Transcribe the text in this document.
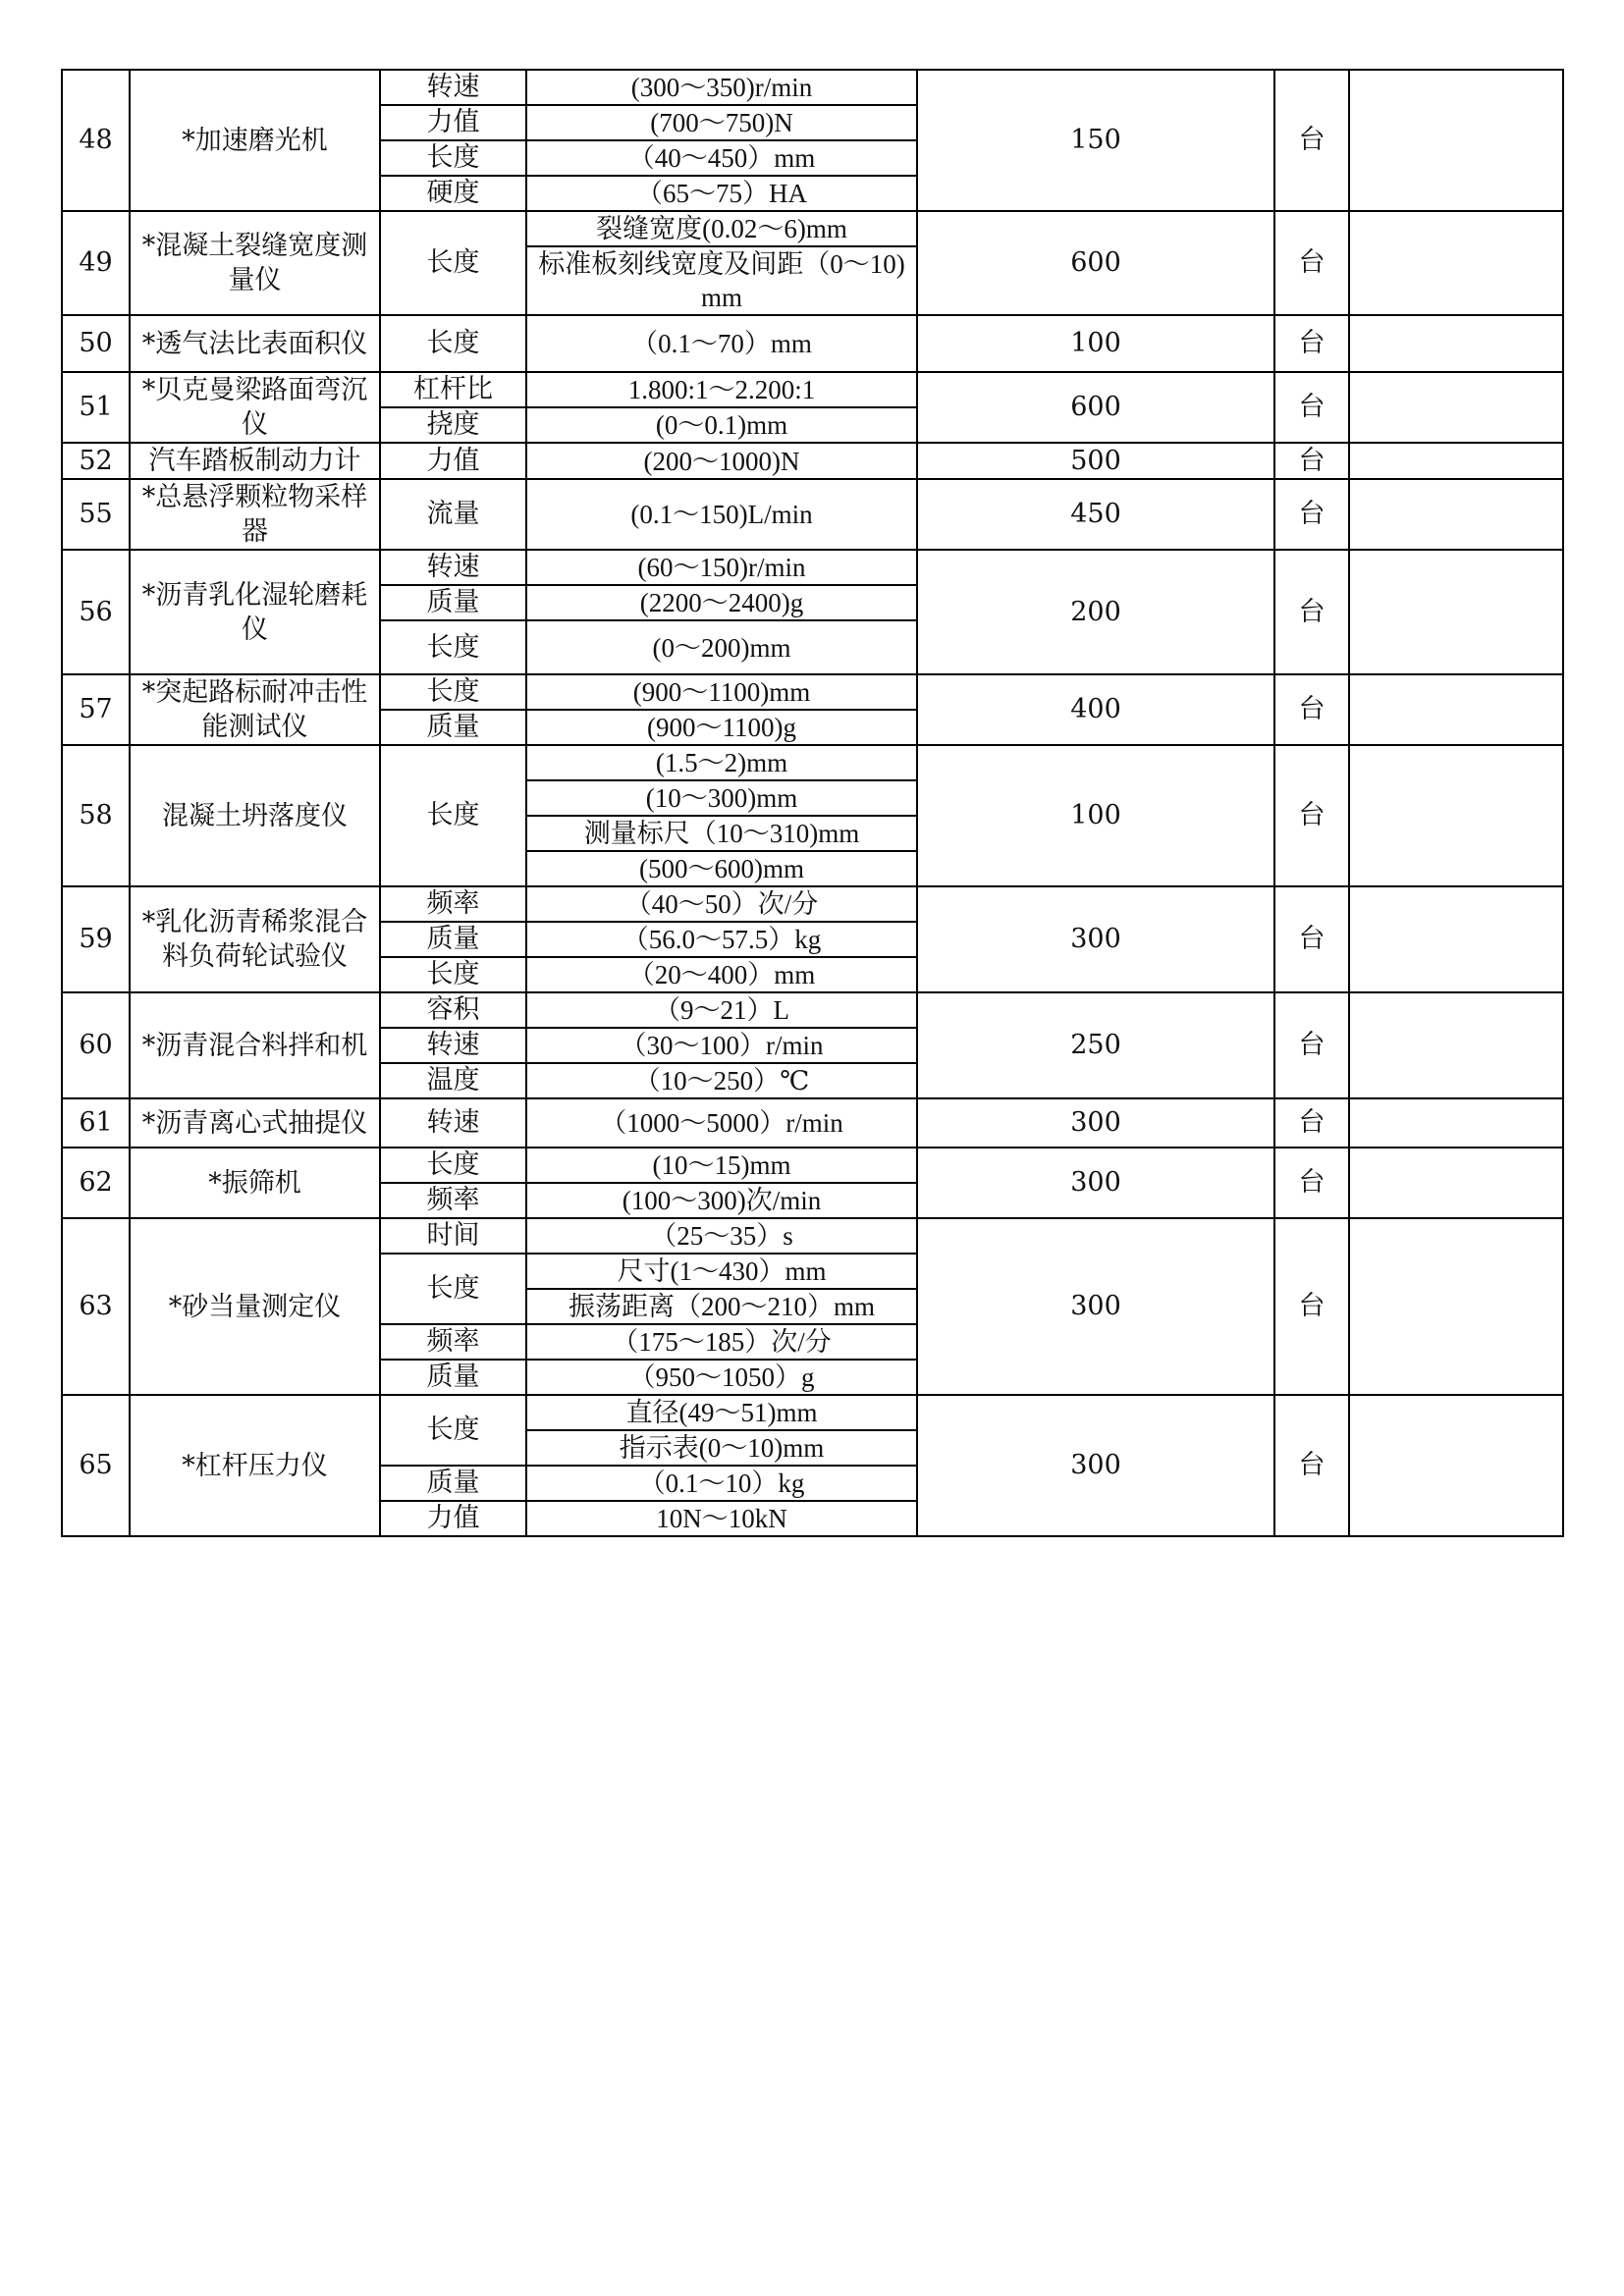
48	*加速磨光机	转速	(300～350)r/min	150	台	
		力值	(700～750)N			
		长度	（40～450）mm			
		硬度	（65～75）HA			
49	*混凝土裂缝宽度测量仪	长度	裂缝宽度(0.02～6)mm	600	台	
			标准板刻线宽度及间距（0～10)mm			
50	*透气法比表面积仪	长度	（0.1～70）mm	100	台	
51	*贝克曼梁路面弯沉仪	杠杆比	1.800:1～2.200:1	600	台	
		挠度	(0～0.1)mm			
52	汽车踏板制动力计	力值	(200～1000)N	500	台	
55	*总悬浮颗粒物采样器	流量	(0.1～150)L/min	450	台	
56	*沥青乳化湿轮磨耗仪	转速	(60～150)r/min	200	台	
		质量	(2200～2400)g			
		长度	(0～200)mm			
57	*突起路标耐冲击性能测试仪	长度	(900～1100)mm	400	台	
		质量	(900～1100)g			
58	混凝土坍落度仪	长度	(1.5～2)mm	100	台	
			(10～300)mm			
			测量标尺（10～310)mm			
			(500～600)mm			
59	*乳化沥青稀浆混合料负荷轮试验仪	频率	（40～50）次/分	300	台	
		质量	（56.0～57.5）kg			
		长度	（20～400）mm			
60	*沥青混合料拌和机	容积	（9～21）L	250	台	
		转速	（30～100）r/min			
		温度	（10～250）℃			
61	*沥青离心式抽提仪	转速	（1000～5000）r/min	300	台	
62	*振筛机	长度	(10～15)mm	300	台	
		频率	(100～300)次/min			
63	*砂当量测定仪	时间	（25～35）s	300	台	
		长度	尺寸(1～430）mm			
			振荡距离（200～210）mm			
		频率	（175～185）次/分			
		质量	（950～1050）g			
65	*杠杆压力仪	长度	直径(49～51)mm	300	台	
			指示表(0～10)mm			
		质量	（0.1～10）kg			
		力值	10N～10kN			
